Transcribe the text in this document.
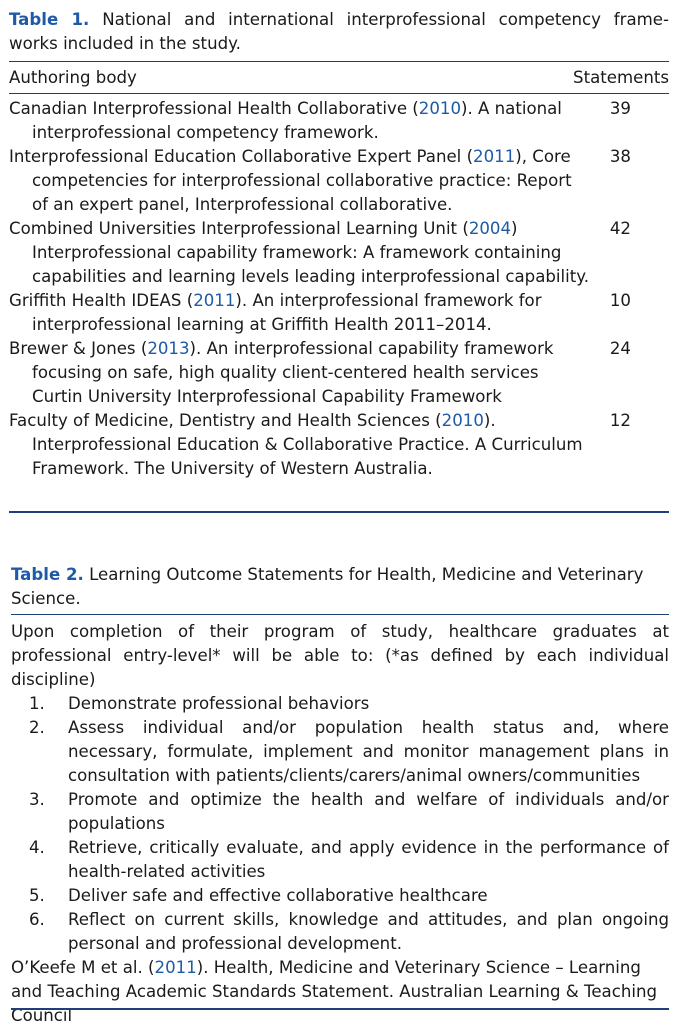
Table 1. National and international interprofessional competency frame-
works included in the study.
Authoring body	Statements
Canadian Interprofessional Health Collaborative (2010). A national interprofessional competency framework.
39
Interprofessional Education Collaborative Expert Panel (2011), Core competencies for interprofessional collaborative practice: Report of an expert panel, Interprofessional collaborative.
38
Combined Universities Interprofessional Learning Unit (2004) Interprofessional capability framework: A framework containing capabilities and learning levels leading interprofessional capability.
42
Griffith Health IDEAS (2011). An interprofessional framework for interprofessional learning at Griffith Health 2011–2014.
10
Brewer & Jones (2013). An interprofessional capability framework focusing on safe, high quality client-centered health services Curtin University Interprofessional Capability Framework
24
Faculty of Medicine, Dentistry and Health Sciences (2010). Interprofessional Education & Collaborative Practice. A Curriculum Framework. The University of Western Australia.
12
Table 2. Learning Outcome Statements for Health, Medicine and Veterinary Science.
Upon completion of their program of study, healthcare graduates at professional entry-level* will be able to: (*as defined by each individual discipline)
1. Demonstrate professional behaviors
2. Assess individual and/or population health status and, where necessary, formulate, implement and monitor management plans in consultation with patients/clients/carers/animal owners/communities
3. Promote and optimize the health and welfare of individuals and/or populations
4. Retrieve, critically evaluate, and apply evidence in the performance of health-related activities
5. Deliver safe and effective collaborative healthcare
6. Reflect on current skills, knowledge and attitudes, and plan ongoing personal and professional development.
O’Keefe M et al. (2011). Health, Medicine and Veterinary Science – Learning and Teaching Academic Standards Statement. Australian Learning & Teaching Council
